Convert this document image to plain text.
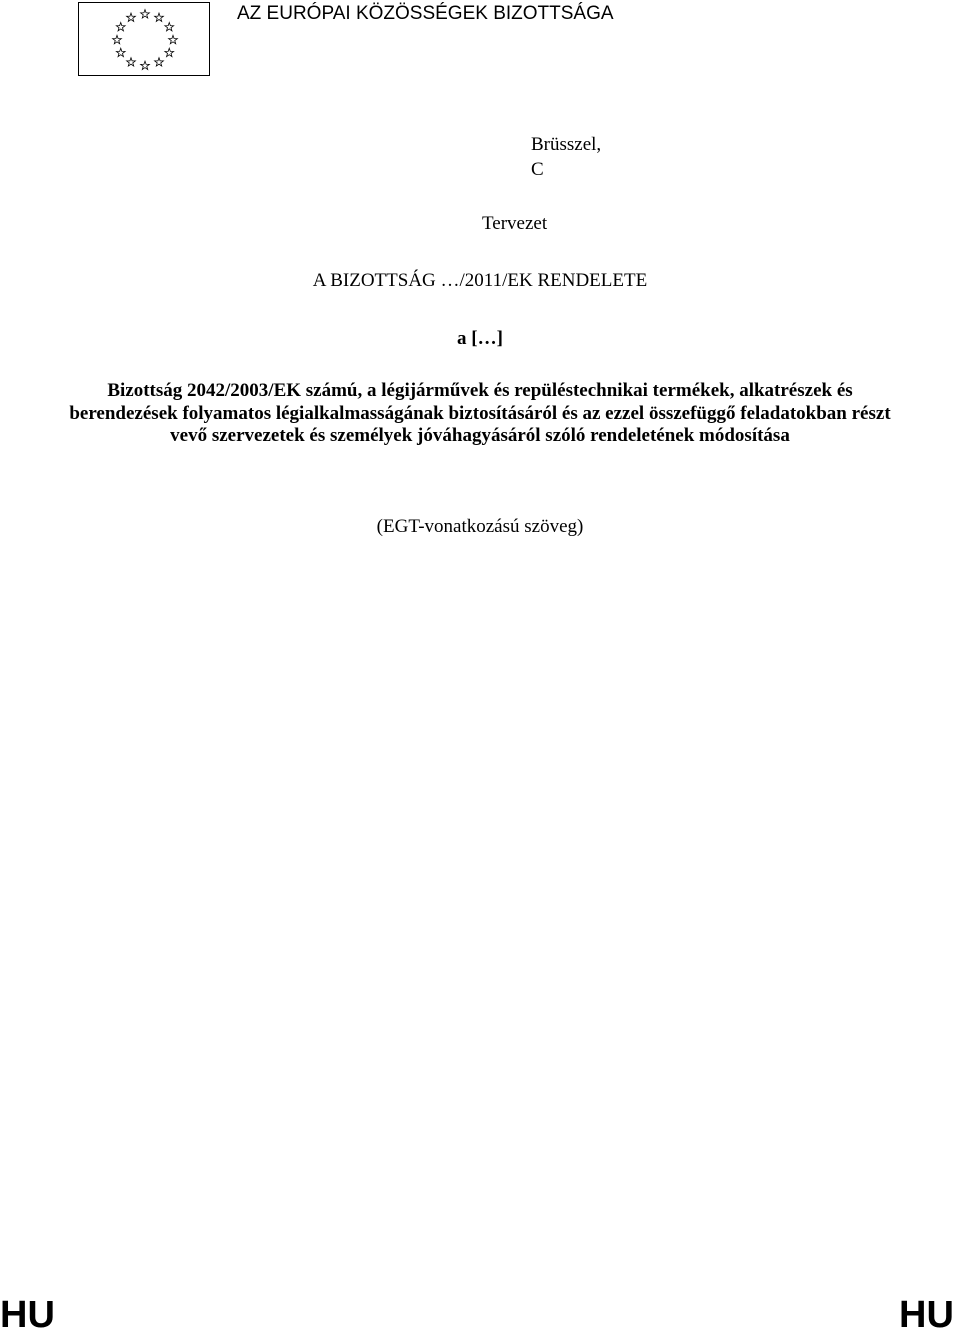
AZ EURÓPAI KÖZÖSSÉGEK BIZOTTSÁGA
Brüsszel,
C
Tervezet
A BIZOTTSÁG …/2011/EK RENDELETE
a […]
Bizottság 2042/2003/EK számú, a légijárművek és repüléstechnikai termékek, alkatrészek és berendezések folyamatos légialkalmasságának biztosításáról és az ezzel összefüggő feladatokban részt vevő szervezetek és személyek jóváhagyásáról szóló rendeletének módosítása
(EGT-vonatkozású szöveg)
HU	HU
